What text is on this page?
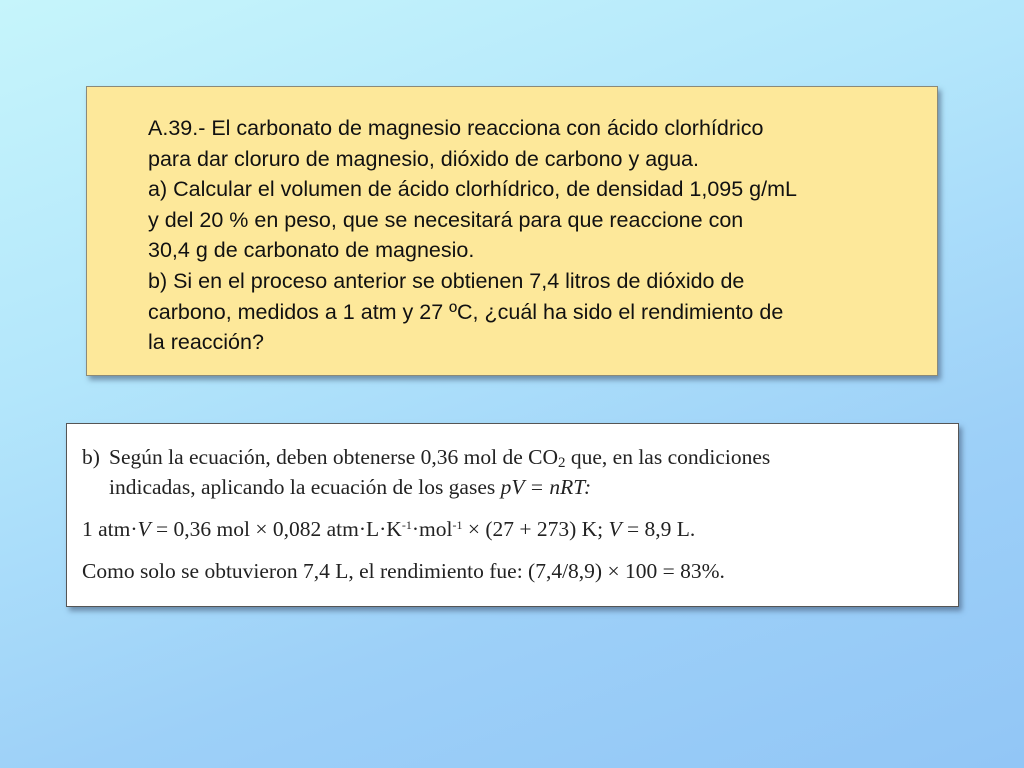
A.39.- El carbonato de magnesio reacciona con ácido clorhídrico

para dar cloruro de magnesio, dióxido de carbono y agua.

a) Calcular el volumen de ácido clorhídrico, de densidad 1,095 g/mL

y del 20 % en peso, que se necesitará para que reaccione con

30,4 g de carbonato de magnesio.

b) Si en el proceso anterior se obtienen 7,4 litros de dióxido de

carbono, medidos a 1 atm y 27 ºC, ¿cuál ha sido el rendimiento de

la reacción?

b) Según la ecuación, deben obtenerse 0,36 mol de $CO_2$ que, en las condiciones
indicadas, aplicando la ecuación de los gases pV = nRT:
1 atm·V = 0,36 mol × 0,082 $atm\cdot L\cdot K^{-1}\cdot mol^{-1} \times (27 + 273)$ K; V = 8,9 L.
Como solo se obtuvieron 7,4 L, el rendimiento fue: (7,4/8,9) × 100 = 83%.
